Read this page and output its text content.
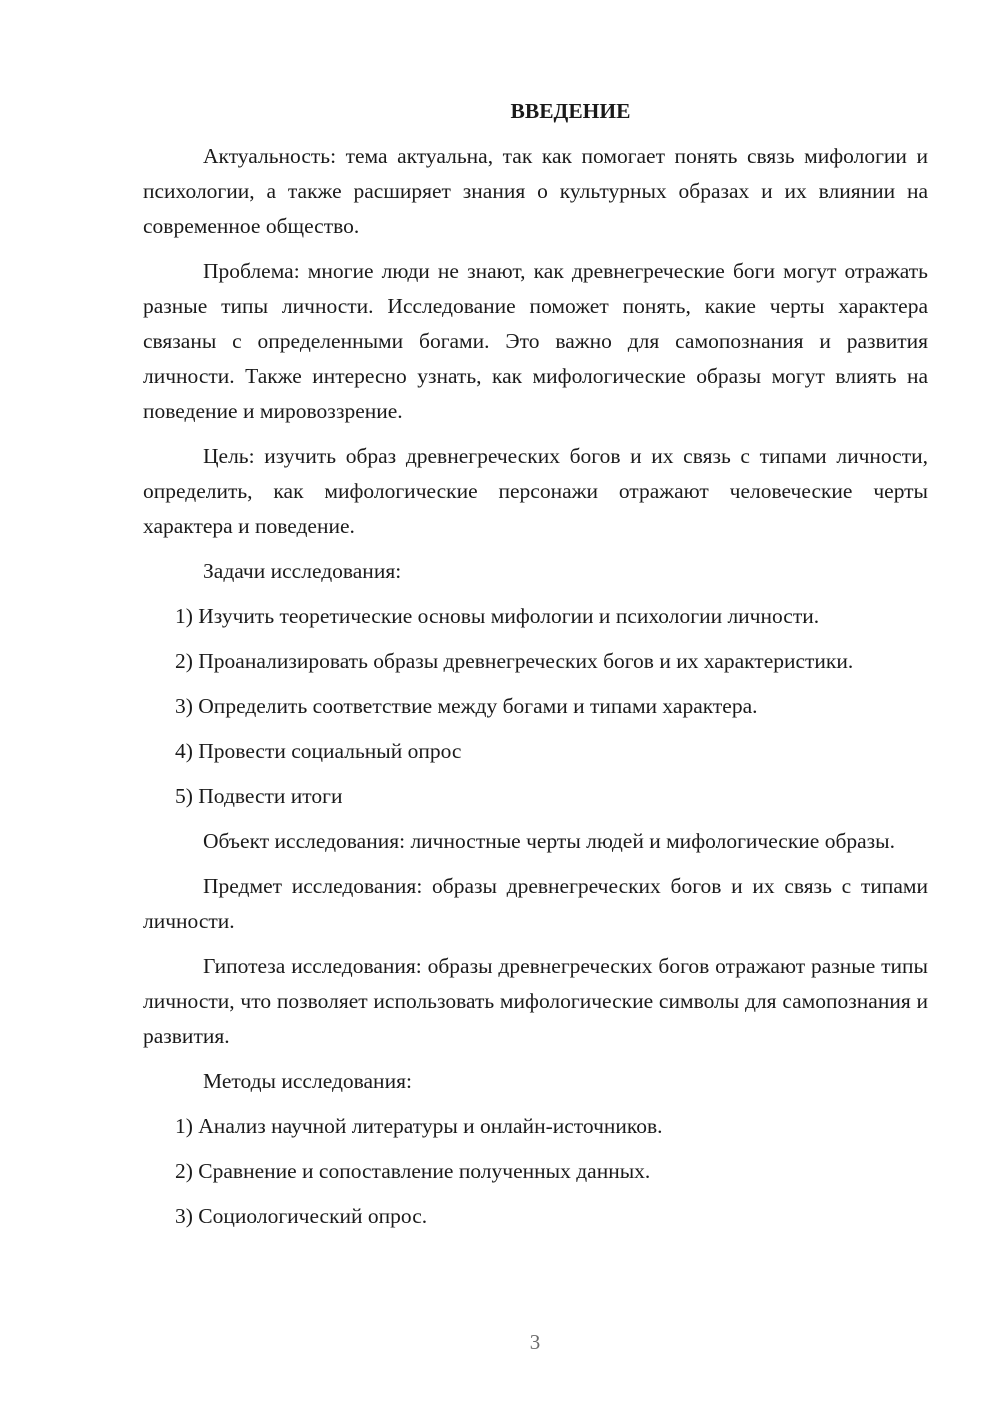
ВВЕДЕНИЕ

Актуальность: тема актуальна, так как помогает понять связь мифологии и психологии, а также расширяет знания о культурных образах и их влиянии на современное общество.

Проблема: многие люди не знают, как древнегреческие боги могут отражать разные типы личности. Исследование поможет понять, какие черты характера связаны с определенными богами. Это важно для самопознания и развития личности. Также интересно узнать, как мифологические образы могут влиять на поведение и мировоззрение.

Цель: изучить образ древнегреческих богов и их связь с типами личности, определить, как мифологические персонажи отражают человеческие черты характера и поведение.

Задачи исследования:

1) Изучить теоретические основы мифологии и психологии личности.

2) Проанализировать образы древнегреческих богов и их характеристики.

3) Определить соответствие между богами и типами характера.

4) Провести социальный опрос

5) Подвести итоги

Объект исследования: личностные черты людей и мифологические образы.

Предмет исследования: образы древнегреческих богов и их связь с типами личности.

Гипотеза исследования: образы древнегреческих богов отражают разные типы личности, что позволяет использовать мифологические символы для самопознания и развития.

Методы исследования:

1) Анализ научной литературы и онлайн-источников.

2) Сравнение и сопоставление полученных данных.

3) Социологический опрос.

3
